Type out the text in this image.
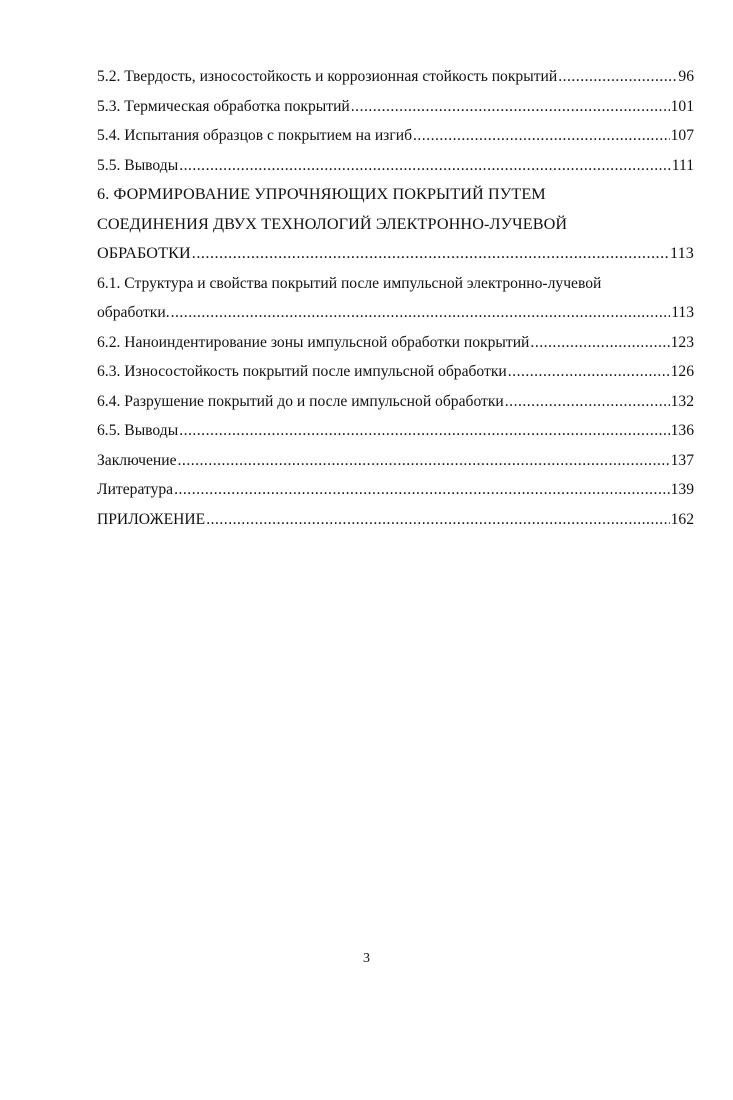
5.2. Твердость, износостойкость и коррозионная стойкость покрытий .....	96
5.3. Термическая обработка покрытий .....	101
5.4. Испытания образцов с покрытием на изгиб .....	107
5.5. Выводы .....	111
6. ФОРМИРОВАНИЕ УПРОЧНЯЮЩИХ ПОКРЫТИЙ ПУТЕМ
СОЕДИНЕНИЯ ДВУХ ТЕХНОЛОГИЙ ЭЛЕКТРОННО-ЛУЧЕВОЙ
ОБРАБОТКИ .....	113
6.1. Структура и свойства покрытий после импульсной электронно-лучевой
обработки. .....	113
6.2. Наноиндентирование зоны импульсной обработки покрытий .....	123
6.3. Износостойкость покрытий после импульсной обработки .....	126
6.4. Разрушение покрытий до и после импульсной обработки .....	132
6.5. Выводы .....	136
Заключение .....	137
Литература .....	139
ПРИЛОЖЕНИЕ .....	162
3
